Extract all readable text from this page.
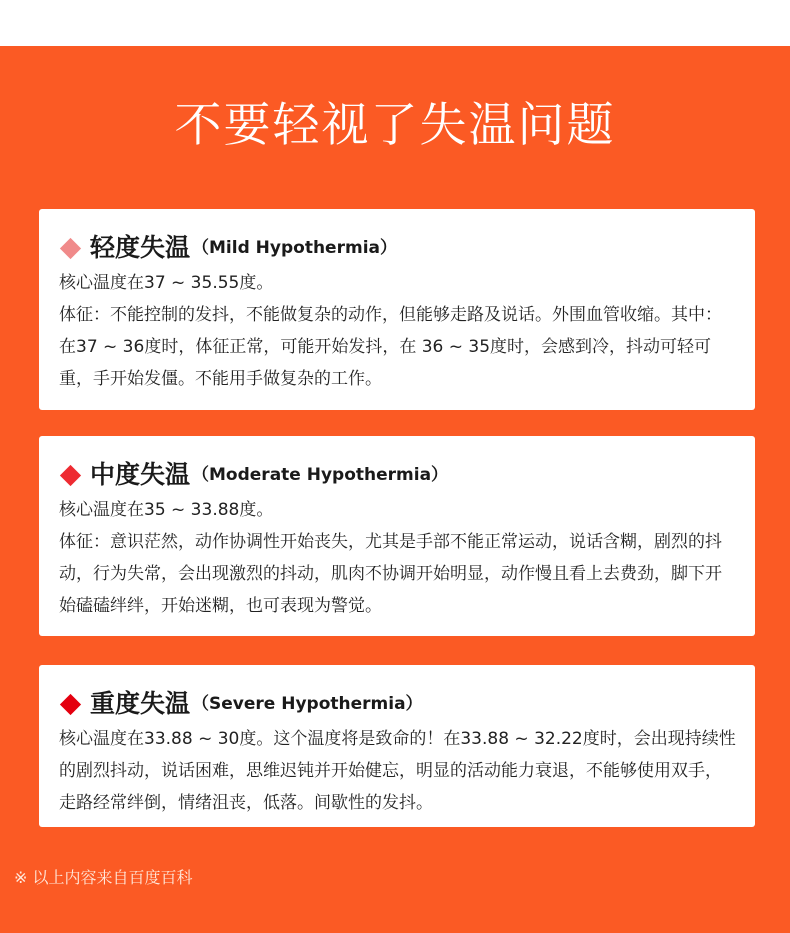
不要轻视了失温问题
轻度失温 （Mild Hypothermia）

核心温度在37 ~ 35.55度。

体征：不能控制的发抖，不能做复杂的动作，但能够走路及说话。外围血管收缩。其中：在37 ~ 36度时，体征正常，可能开始发抖，在 36 ~ 35度时，会感到冷，抖动可轻可重，手开始发僵。不能用手做复杂的工作。

中度失温 （Moderate Hypothermia）

核心温度在35 ~ 33.88度。

体征：意识茫然，动作协调性开始丧失，尤其是手部不能正常运动，说话含糊，剧烈的抖动，行为失常，会出现激烈的抖动，肌肉不协调开始明显，动作慢且看上去费劲，脚下开始磕磕绊绊，开始迷糊，也可表现为警觉。

重度失温 （Severe Hypothermia）

核心温度在33.88 ~ 30度。这个温度将是致命的！在33.88 ~ 32.22度时，会出现持续性的剧烈抖动，说话困难，思维迟钝并开始健忘，明显的活动能力衰退，不能够使用双手，走路经常绊倒，情绪沮丧，低落。间歇性的发抖。

※ 以上内容来自百度百科
